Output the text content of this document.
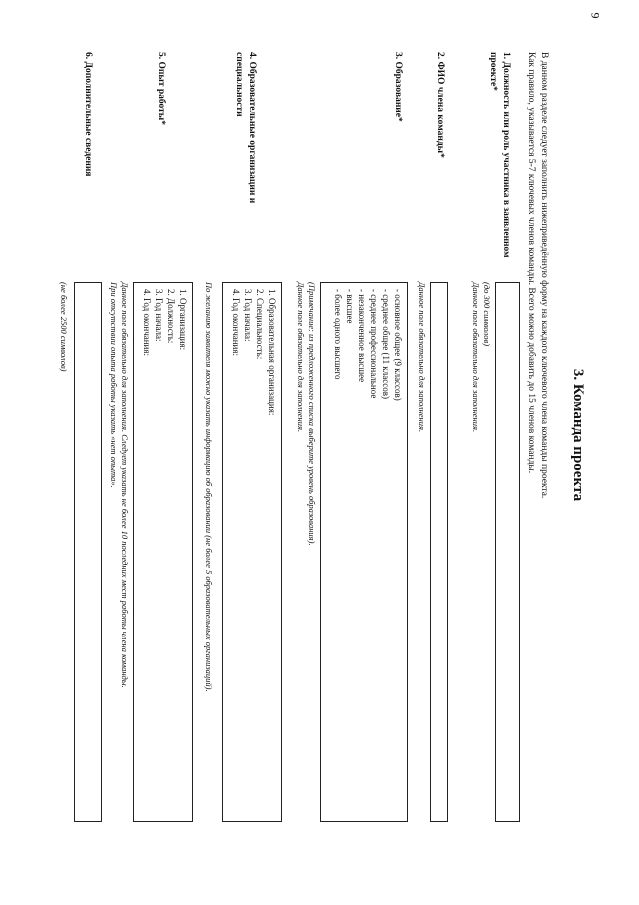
9
3. Команда проекта

В данном разделе следует заполнить нижеприведённую форму на каждого ключевого члена команды проекта.

Как правило, указывается 5-7 ключевых членов команды. Всего можно добавить до 15 членов команды.

1. Должность или роль участника в заявленном проекте*
(до 300 символов)
Данное поле обязательно для заполнения.
2. ФИО члена команды*
Данное поле обязательно для заполнения.
3. Образование*
- основное общее (9 классов)
- среднее общее (11 классов)
- среднее профессиональное
- незаконченное высшее
- высшее
- более одного высшего
(Примечание: из предложенного списка выберите уровень образования).
Данное поле обязательно для заполнения.
4. Образовательные организации и специальности
1. Образовательная организация:
2. Специальность:
3. Год начала:
4. Год окончания:
По желанию заявителя можно указать информацию об образовании (не более 5 образовательных организаций).
5. Опыт работы*
1. Организация:
2. Должность:
3. Год начала:
4. Год окончания:
Данное поле обязательно для заполнения. Следует указать не более 10 последних мест работы члена команды.
При отсутствии опыта работы указать «нет опыта».
6. Дополнительные сведения
(не более 2500 символов)
